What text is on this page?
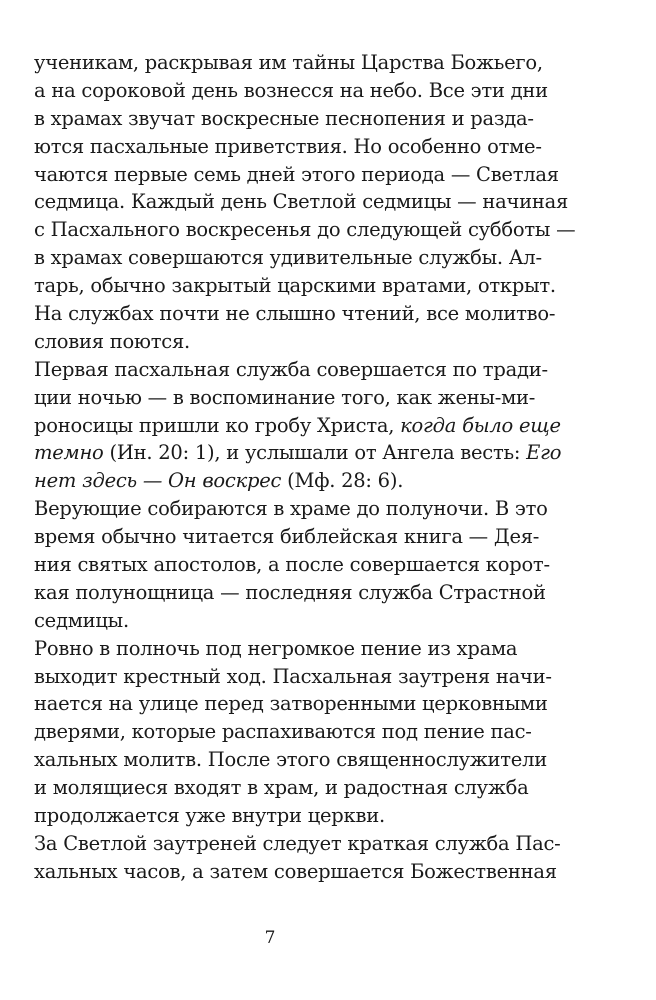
ученикам, раскрывая им тайны Царства Божьего,
а на сороковой день вознесся на небо. Все эти дни
в храмах звучат воскресные песнопения и разда-
ются пасхальные приветствия. Но особенно отме-
чаются первые семь дней этого периода — Светлая
седмица. Каждый день Светлой седмицы — начиная
с Пасхального воскресенья до следующей субботы —
в храмах совершаются удивительные службы. Ал-
тарь, обычно закрытый царскими вратами, открыт.
На службах почти не слышно чтений, все молитво-
словия поются.
Первая пасхальная служба совершается по тради-
ции ночью — в воспоминание того, как жены-ми-
роносицы пришли ко гробу Христа, когда было еще
темно (Ин. 20: 1), и услышали от Ангела весть: Его
нет здесь — Он воскрес (Мф. 28: 6).
Верующие собираются в храме до полуночи. В это
время обычно читается библейская книга — Дея-
ния святых апостолов, а после совершается корот-
кая полунощница — последняя служба Страстной
седмицы.
Ровно в полночь под негромкое пение из храма
выходит крестный ход. Пасхальная заутреня начи-
нается на улице перед затворенными церковными
дверями, которые распахиваются под пение пас-
хальных молитв. После этого священнослужители
и молящиеся входят в храм, и радостная служба
продолжается уже внутри церкви.
За Светлой заутреней следует краткая служба Пас-
хальных часов, а затем совершается Божественная
7
